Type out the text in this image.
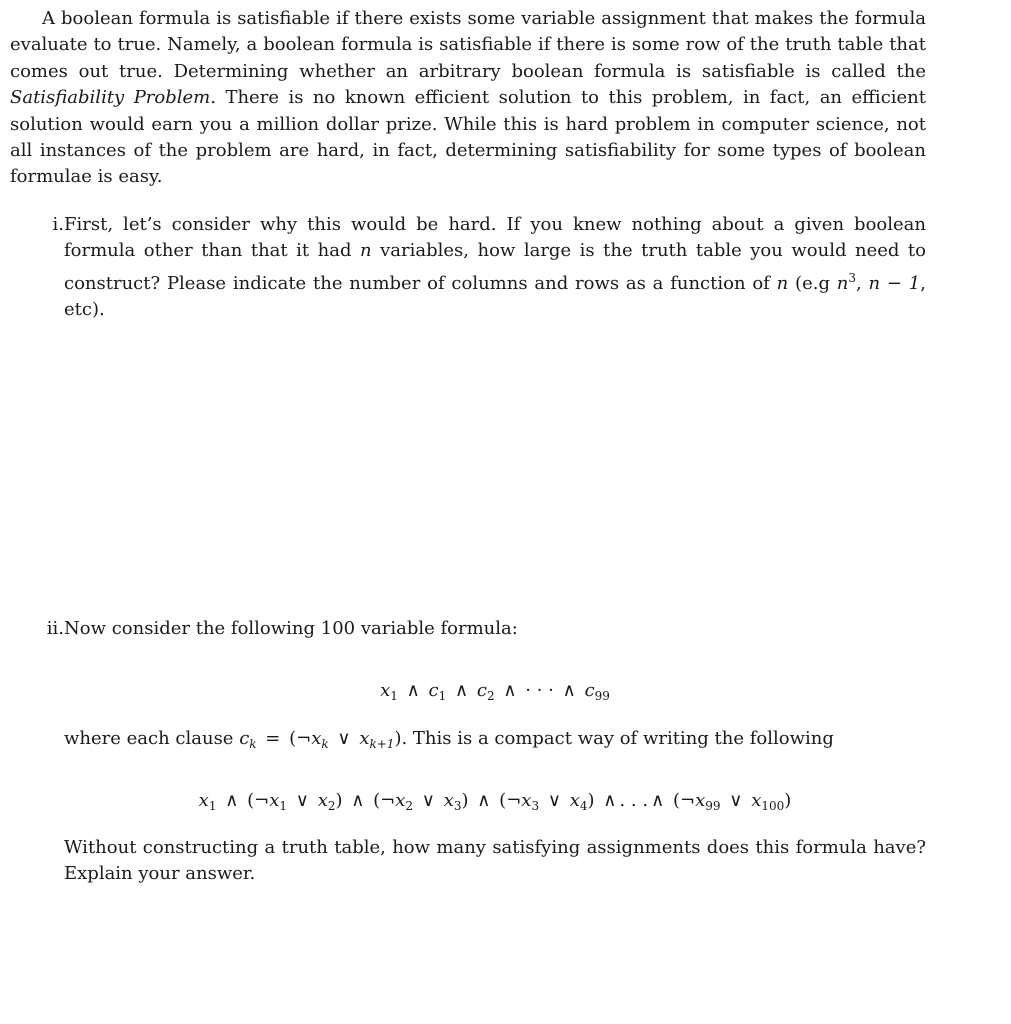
A boolean formula is satisfiable if there exists some variable assignment that makes the formula evaluate to true. Namely, a boolean formula is satisfiable if there is some row of the truth table that comes out true. Determining whether an arbitrary boolean formula is satisfiable is called the Satisfiability Problem. There is no known efficient solution to this problem, in fact, an efficient solution would earn you a million dollar prize. While this is hard problem in computer science, not all instances of the problem are hard, in fact, determining satisfiability for some types of boolean formulae is easy.

i. First, let’s consider why this would be hard. If you knew nothing about a given boolean formula other than that it had n variables, how large is the truth table you would need to construct? Please indicate the number of columns and rows as a function of n (e.g $n^3$, n − 1, etc).
ii. Now consider the following 100 variable formula:
$x_1$ ∧ $c_1$ ∧ $c_2$ ∧ · · · ∧ $c_{99}$
where each clause $c_k$ = ($\neg x_k$ ∨ $x_{k+1}$). This is a compact way of writing the following
$x_1$ ∧ ($\neg x_1$ ∨ $x_2$) ∧ ($\neg x_2$ ∨ $x_3$) ∧ ($\neg x_3$ ∨ $x_4$) ∧ . . . ∧ ($\neg x_{99}$ ∨ $x_{100}$)
Without constructing a truth table, how many satisfying assignments does this formula have? Explain your answer.
